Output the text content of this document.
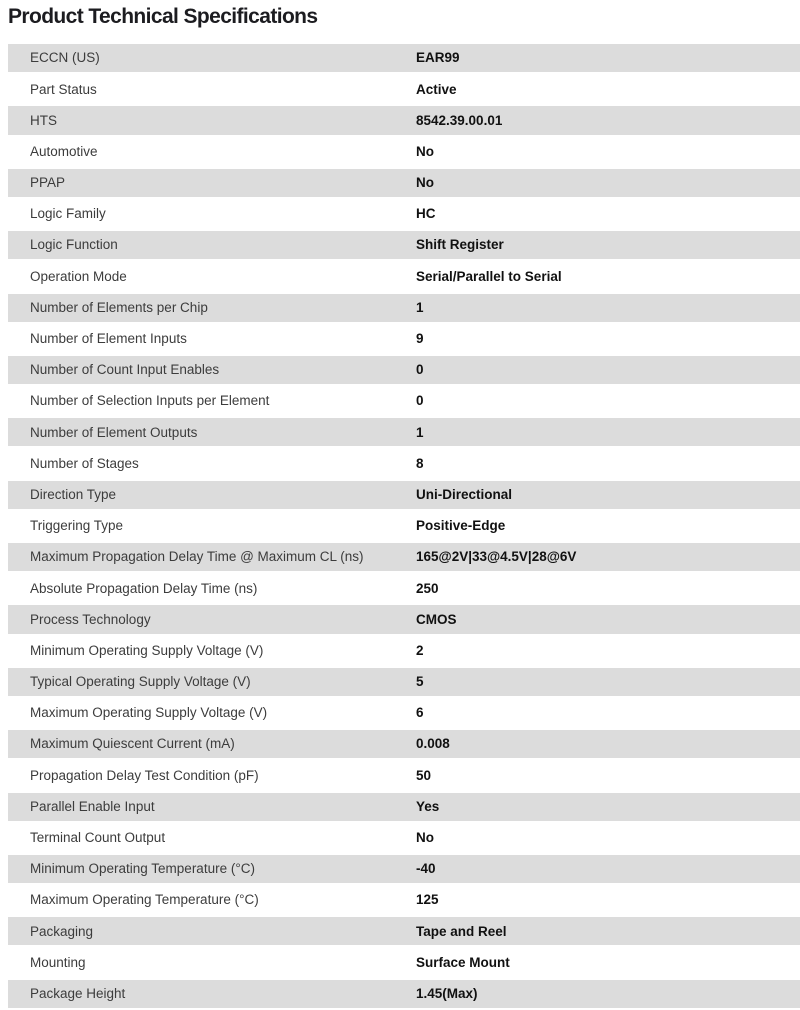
Product Technical Specifications
ECCN (US)	EAR99
Part Status	Active
HTS	8542.39.00.01
Automotive	No
PPAP	No
Logic Family	HC
Logic Function	Shift Register
Operation Mode	Serial/Parallel to Serial
Number of Elements per Chip	1
Number of Element Inputs	9
Number of Count Input Enables	0
Number of Selection Inputs per Element	0
Number of Element Outputs	1
Number of Stages	8
Direction Type	Uni-Directional
Triggering Type	Positive-Edge
Maximum Propagation Delay Time @ Maximum CL (ns)	165@2V|33@4.5V|28@6V
Absolute Propagation Delay Time (ns)	250
Process Technology	CMOS
Minimum Operating Supply Voltage (V)	2
Typical Operating Supply Voltage (V)	5
Maximum Operating Supply Voltage (V)	6
Maximum Quiescent Current (mA)	0.008
Propagation Delay Test Condition (pF)	50
Parallel Enable Input	Yes
Terminal Count Output	No
Minimum Operating Temperature (°C)	-40
Maximum Operating Temperature (°C)	125
Packaging	Tape and Reel
Mounting	Surface Mount
Package Height	1.45(Max)
